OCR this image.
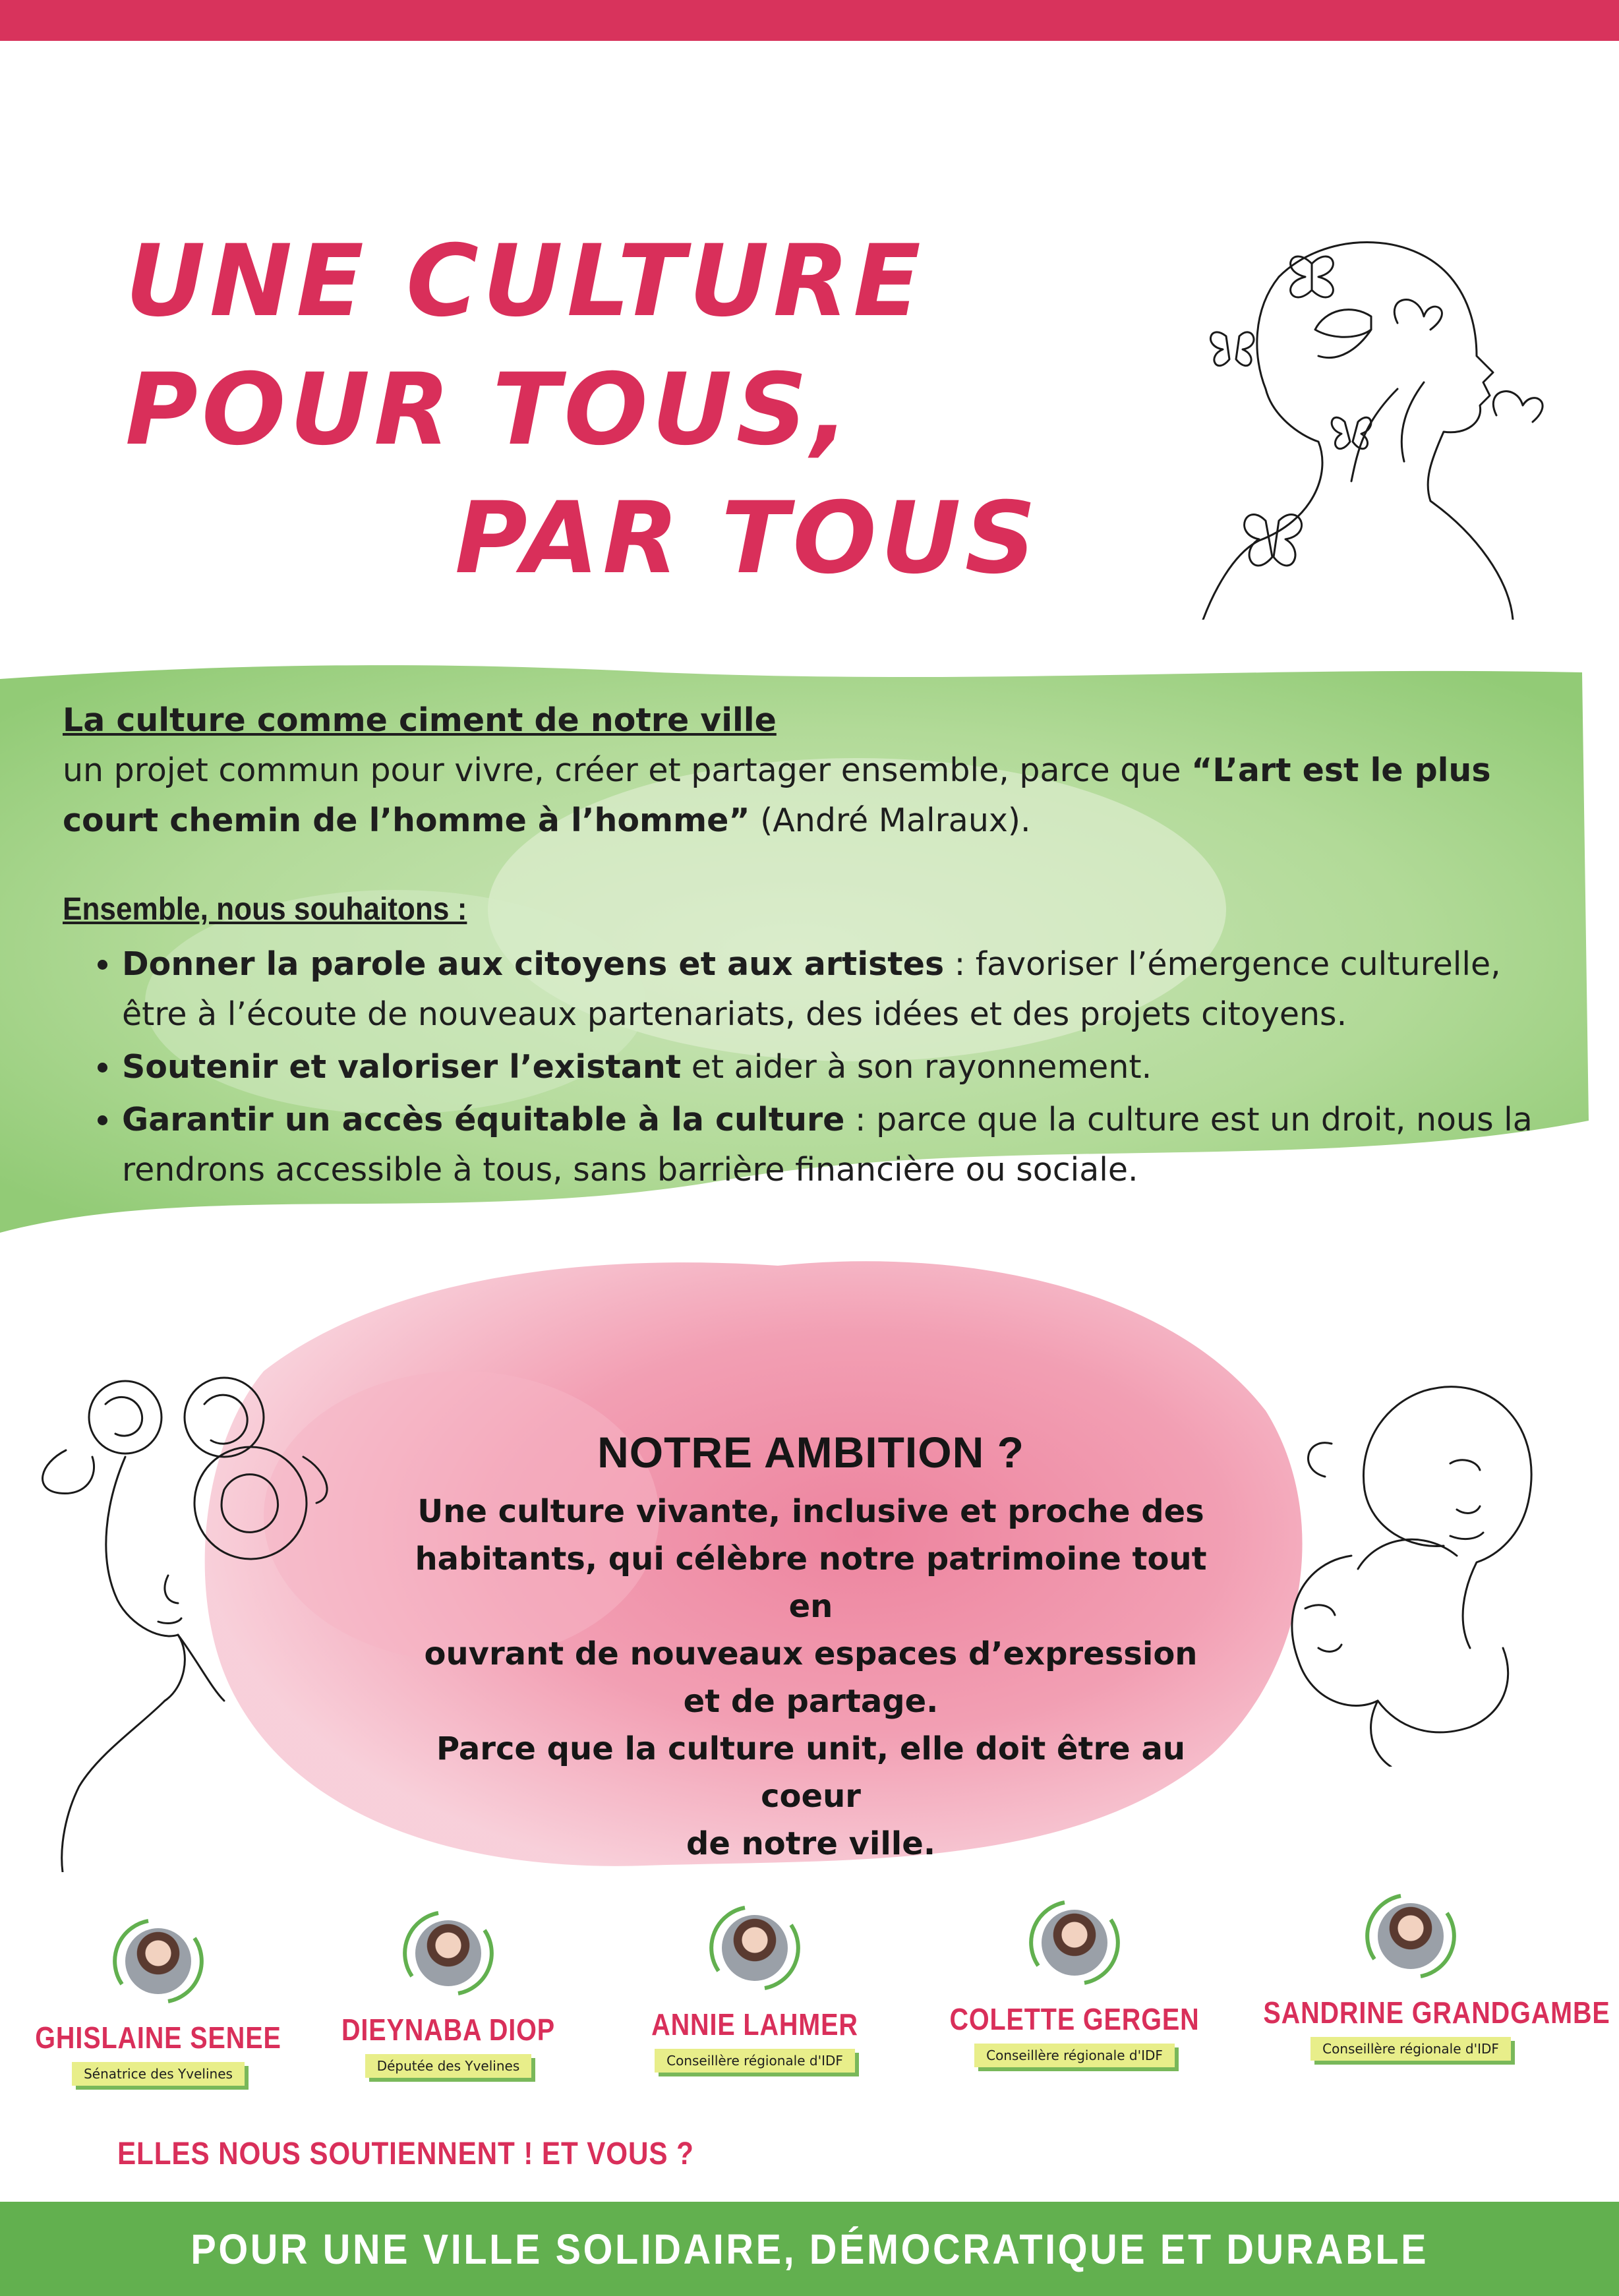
UNE CULTURE POUR TOUS,
PAR TOUS
La culture comme ciment de notre ville
un projet commun pour vivre, créer et partager ensemble, parce que “L’art est le plus court chemin de l’homme à l’homme” (André Malraux).
Ensemble, nous souhaitons :
• Donner la parole aux citoyens et aux artistes : favoriser l’émergence culturelle, être à l’écoute de nouveaux partenariats, des idées et des projets citoyens.
• Soutenir et valoriser l’existant et aider à son rayonnement.
• Garantir un accès équitable à la culture : parce que la culture est un droit, nous la rendrons accessible à tous, sans barrière financière ou sociale.
NOTRE AMBITION ?
Une culture vivante, inclusive et proche des
habitants, qui célèbre notre patrimoine tout en
ouvrant de nouveaux espaces d’expression
et de partage.
Parce que la culture unit, elle doit être au coeur
de notre ville.
GHISLAINE SENEE
Sénatrice des Yvelines
DIEYNABA DIOP
Députée des Yvelines
ANNIE LAHMER
Conseillère régionale d'IDF
COLETTE GERGEN
Conseillère régionale d'IDF
SANDRINE GRANDGAMBE
Conseillère régionale d'IDF
ELLES NOUS SOUTIENNENT ! ET VOUS ?
POUR UNE VILLE SOLIDAIRE, DÉMOCRATIQUE ET DURABLE
